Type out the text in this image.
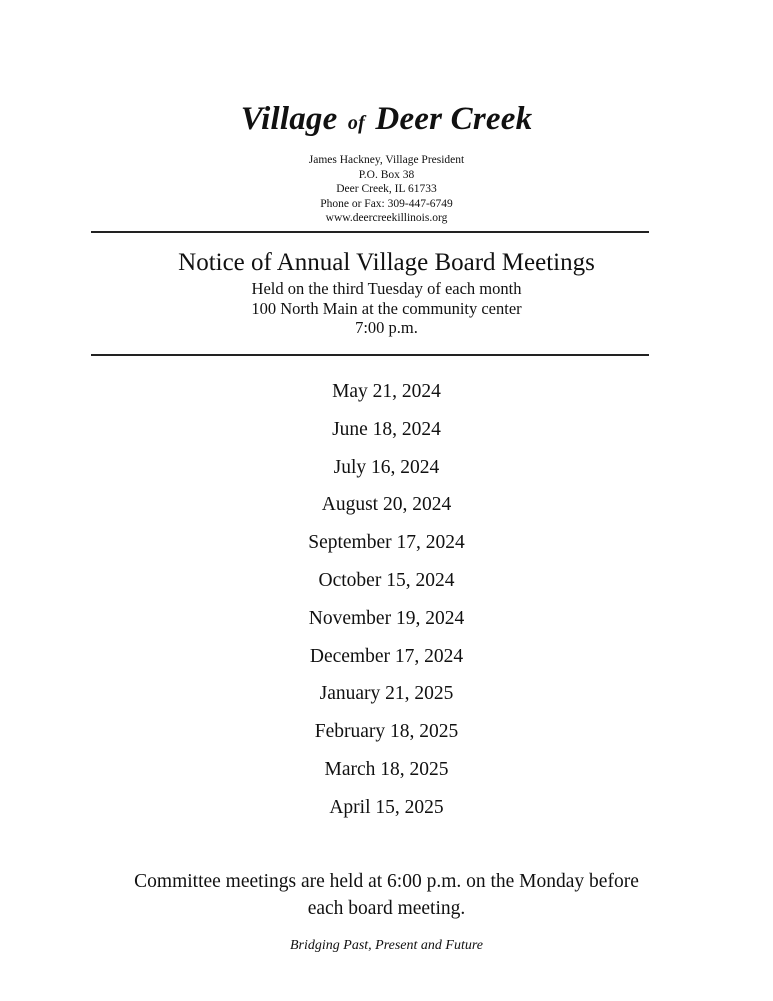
Village of Deer Creek
James Hackney, Village President
P.O. Box 38
Deer Creek, IL 61733
Phone or Fax: 309-447-6749
www.deercreekillinois.org
Notice of Annual Village Board Meetings
Held on the third Tuesday of each month
100 North Main at the community center
7:00 p.m.
May 21, 2024
June 18, 2024
July 16, 2024
August 20, 2024
September 17, 2024
October 15, 2024
November 19, 2024
December 17, 2024
January 21, 2025
February 18, 2025
March 18, 2025
April 15, 2025
Committee meetings are held at 6:00 p.m. on the Monday before
each board meeting.
Bridging Past, Present and Future
